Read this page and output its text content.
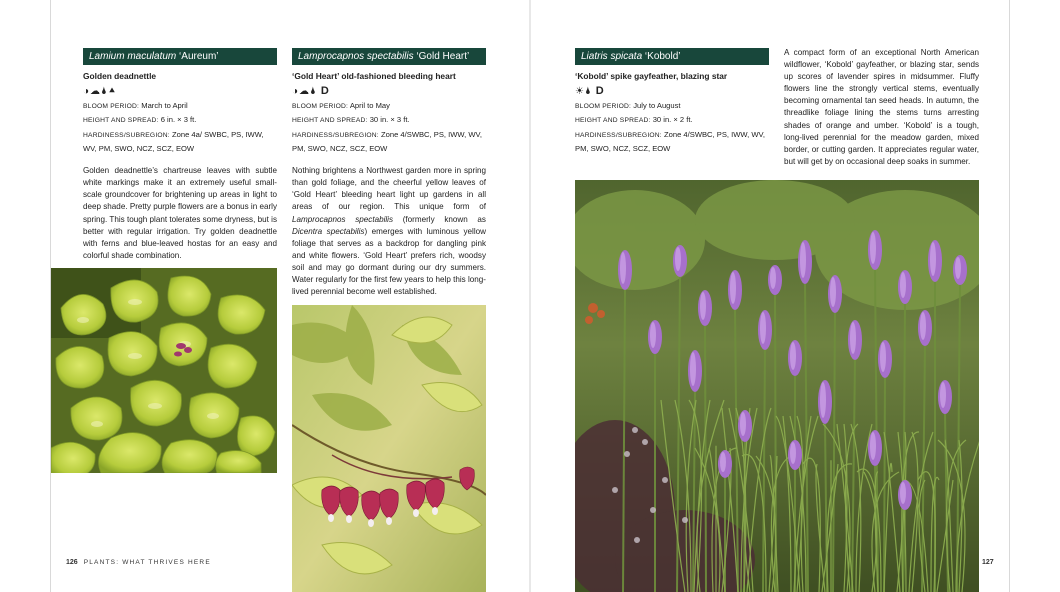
Lamium maculatum ‘Aureum’
Golden deadnettle
◑☁🌢⯅
BLOOM PERIOD: March to April
HEIGHT AND SPREAD: 6 in. × 3 ft.
HARDINESS/SUBREGION: Zone 4a/ SWBC, PS, IWW, WV, PM, SWO, NCZ, SCZ, EOW
Golden deadnettle’s chartreuse leaves with subtle white markings make it an extremely useful small-scale groundcover for brightening up areas in light to deep shade. Pretty purple flowers are a bonus in early spring. This tough plant tolerates some dryness, but is better with regular irrigation. Try golden deadnettle with ferns and blue-leaved hostas for an easy and colorful shade combination.
Lamprocapnos spectabilis ‘Gold Heart’
‘Gold Heart’ old-fashioned bleeding heart
◑☁🌢 D
BLOOM PERIOD: April to May
HEIGHT AND SPREAD: 30 in. × 3 ft.
HARDINESS/SUBREGION: Zone 4/SWBC, PS, IWW, WV, PM, SWO, NCZ, SCZ, EOW
Nothing brightens a Northwest garden more in spring than gold foliage, and the cheerful yellow leaves of ‘Gold Heart’ bleeding heart light up gardens in all areas of our region. This unique form of Lamprocapnos spectabilis (formerly known as Dicentra spectabilis) emerges with luminous yellow foliage that serves as a backdrop for dangling pink and white flowers. ‘Gold Heart’ prefers rich, woodsy soil and may go dormant during our dry summers. Water regularly for the first few years to help this long-lived perennial become well established.
Liatris spicata ‘Kobold’
‘Kobold’ spike gayfeather, blazing star
☀🌢 D
BLOOM PERIOD: July to August
HEIGHT AND SPREAD: 30 in. × 2 ft.
HARDINESS/SUBREGION: Zone 4/SWBC, PS, IWW, WV, PM, SWO, NCZ, SCZ, EOW
A compact form of an exceptional North American wildflower, ‘Kobold’ gayfeather, or blazing star, sends up scores of lavender spires in midsummer. Fluffy flowers line the strongly vertical stems, eventually becoming ornamental tan seed heads. In autumn, the threadlike foliage lining the stems turns arresting shades of orange and umber. ‘Kobold’ is a tough, long-lived perennial for the meadow garden, mixed border, or cutting garden. It appreciates regular water, but will get by on occasional deep soaks in summer.
126 PLANTS: WHAT THRIVES HERE	127
